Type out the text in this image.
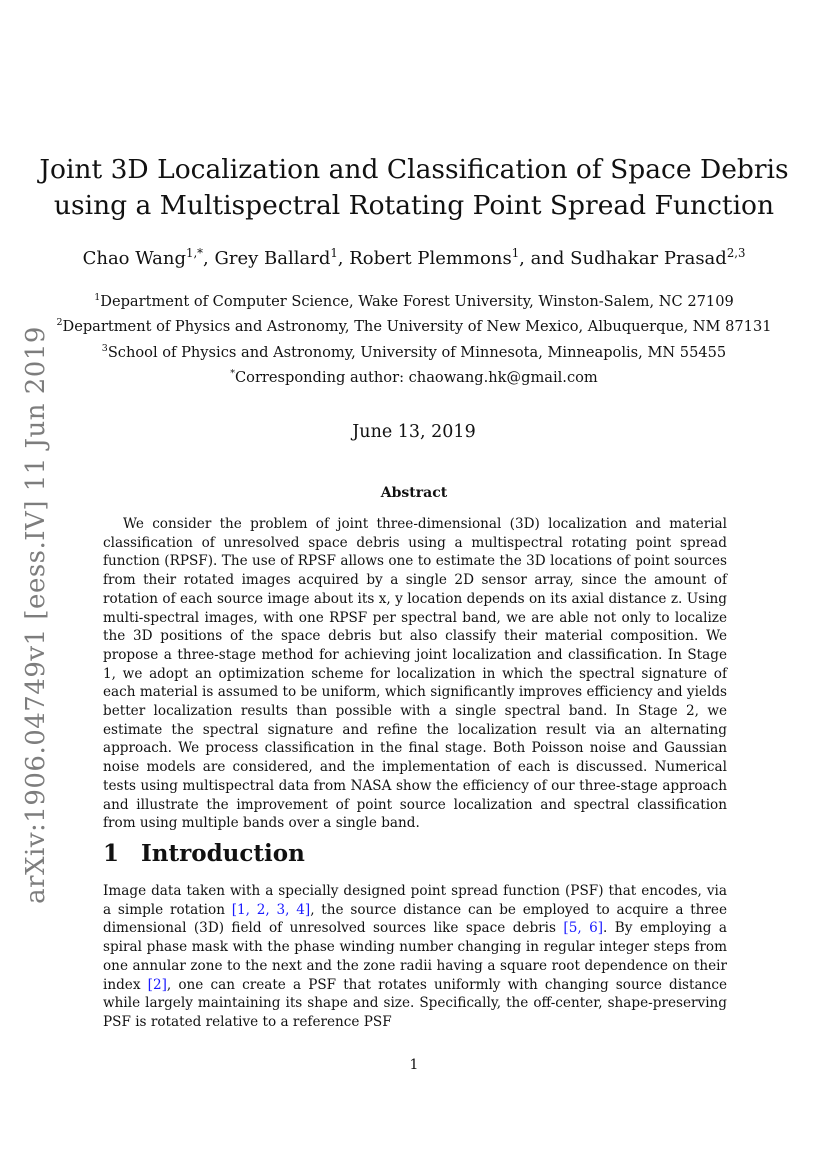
arXiv:1906.04749v1 [eess.IV] 11 Jun 2019
Joint 3D Localization and Classification of Space Debris
using a Multispectral Rotating Point Spread Function
Chao Wang$^{1,*}$, Grey Ballard$^1$, Robert Plemmons$^1$, and Sudhakar Prasad$^{2,3}$
$^1$Department of Computer Science, Wake Forest University, Winston-Salem, NC 27109
$^2$Department of Physics and Astronomy, The University of New Mexico, Albuquerque, NM 87131
$^3$School of Physics and Astronomy, University of Minnesota, Minneapolis, MN 55455
*Corresponding author: chaowang.hk@gmail.com
June 13, 2019
Abstract

We consider the problem of joint three-dimensional (3D) localization and material classification of unresolved space debris using a multispectral rotating point spread function (RPSF). The use of RPSF allows one to estimate the 3D locations of point sources from their rotated images acquired by a single 2D sensor array, since the amount of rotation of each source image about its x, y location depends on its axial distance z. Using multi-spectral images, with one RPSF per spectral band, we are able not only to localize the 3D positions of the space debris but also classify their material composition. We propose a three-stage method for achieving joint localization and classification. In Stage 1, we adopt an optimization scheme for localization in which the spectral signature of each material is assumed to be uniform, which significantly improves efficiency and yields better localization results than possible with a single spectral band. In Stage 2, we estimate the spectral signature and refine the localization result via an alternating approach. We process classification in the final stage. Both Poisson noise and Gaussian noise models are considered, and the implementation of each is discussed. Numerical tests using multispectral data from NASA show the efficiency of our three-stage approach and illustrate the improvement of point source localization and spectral classification from using multiple bands over a single band.

1 Introduction

Image data taken with a specially designed point spread function (PSF) that encodes, via a simple rotation [1, 2, 3, 4], the source distance can be employed to acquire a three dimensional (3D) field of unresolved sources like space debris [5, 6]. By employing a spiral phase mask with the phase winding number changing in regular integer steps from one annular zone to the next and the zone radii having a square root dependence on their index [2], one can create a PSF that rotates uniformly with changing source distance while largely maintaining its shape and size. Specifically, the off-center, shape-preserving PSF is rotated relative to a reference PSF

1
